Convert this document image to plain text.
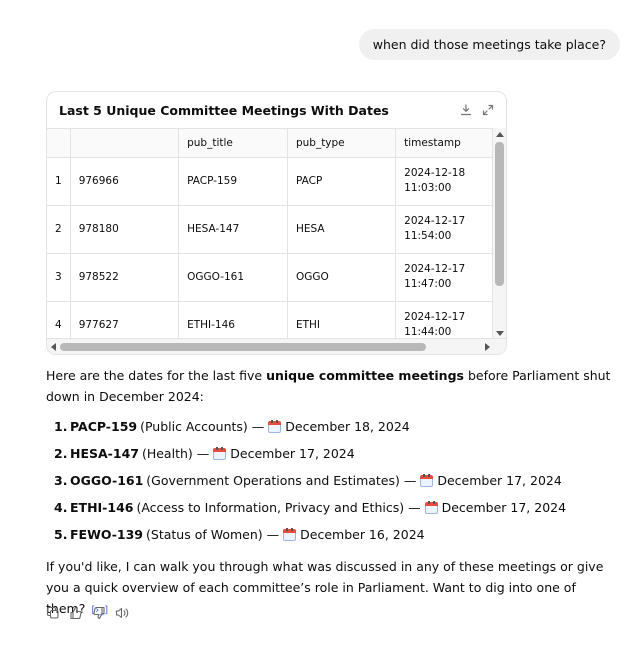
when did those meetings take place?
Last 5 Unique Committee Meetings With Dates
		pub_title	pub_type	timestamp
1	976966	PACP-159	PACP	2024-12-18
11:03:00
2	978180	HESA-147	HESA	2024-12-17
11:54:00
3	978522	OGGO-161	OGGO	2024-12-17
11:47:00
4	977627	ETHI-146	ETHI	2024-12-17
11:44:00

Here are the dates for the last five unique committee meetings before Parliament shut down in December 2024:

1. PACP-159 (Public Accounts) — December 18, 2024
2. HESA-147 (Health) — December 17, 2024
3. OGGO-161 (Government Operations and Estimates) — December 17, 2024
4. ETHI-146 (Access to Information, Privacy and Ethics) — December 17, 2024
5. FEWO-139 (Status of Women) — December 16, 2024

If you'd like, I can walk you through what was discussed in any of these meetings or give you a quick overview of each committee’s role in Parliament. Want to dig into one of them? [›_]
